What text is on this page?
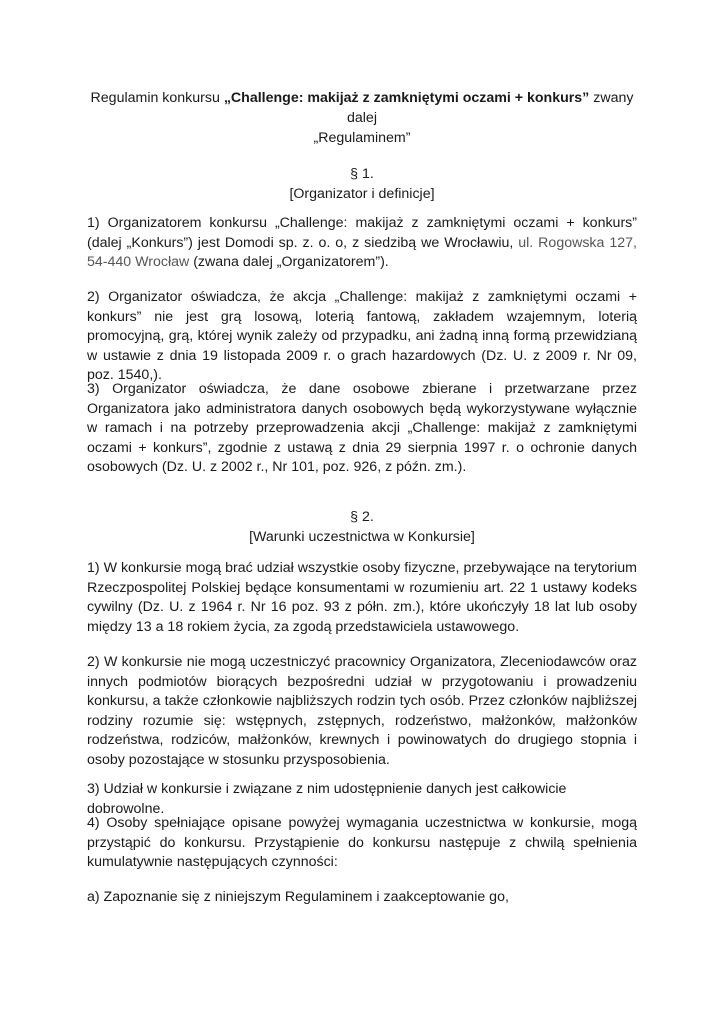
Regulamin konkursu „Challenge: makijaż z zamkniętymi oczami + konkurs” zwany dalej
„Regulaminem”
§ 1.
[Organizator i definicje]

1) Organizatorem konkursu „Challenge: makijaż z zamkniętymi oczami + konkurs” (dalej „Konkurs”) jest Domodi sp. z. o. o, z siedzibą we Wrocławiu, ul. Rogowska 127, 54-440 Wrocław (zwana dalej „Organizatorem”).

2) Organizator oświadcza, że akcja „Challenge: makijaż z zamkniętymi oczami + konkurs” nie jest grą losową, loterią fantową, zakładem wzajemnym, loterią promocyjną, grą, której wynik zależy od przypadku, ani żadną inną formą przewidzianą w ustawie z dnia 19 listopada 2009 r. o grach hazardowych (Dz. U. z 2009 r. Nr 09, poz. 1540,).

3) Organizator oświadcza, że dane osobowe zbierane i przetwarzane przez Organizatora jako administratora danych osobowych będą wykorzystywane wyłącznie w ramach i na potrzeby przeprowadzenia akcji „Challenge: makijaż z zamkniętymi oczami + konkurs”, zgodnie z ustawą z dnia 29 sierpnia 1997 r. o ochronie danych osobowych (Dz. U. z 2002 r., Nr 101, poz. 926, z późn. zm.).

§ 2.
[Warunki uczestnictwa w Konkursie]

1) W konkursie mogą brać udział wszystkie osoby fizyczne, przebywające na terytorium Rzeczpospolitej Polskiej będące konsumentami w rozumieniu art. 22 1 ustawy kodeks cywilny (Dz. U. z 1964 r. Nr 16 poz. 93 z półn. zm.), które ukończyły 18 lat lub osoby między 13 a 18 rokiem życia, za zgodą przedstawiciela ustawowego.

2) W konkursie nie mogą uczestniczyć pracownicy Organizatora, Zleceniodawców oraz innych podmiotów biorących bezpośredni udział w przygotowaniu i prowadzeniu konkursu, a także członkowie najbliższych rodzin tych osób. Przez członków najbliższej rodziny rozumie się: wstępnych, zstępnych, rodzeństwo, małżonków, małżonków rodzeństwa, rodziców, małżonków, krewnych i powinowatych do drugiego stopnia i osoby pozostające w stosunku przysposobienia.

3) Udział w konkursie i związane z nim udostępnienie danych jest całkowicie dobrowolne.

4) Osoby spełniające opisane powyżej wymagania uczestnictwa w konkursie, mogą przystąpić do konkursu. Przystąpienie do konkursu następuje z chwilą spełnienia kumulatywnie następujących czynności:

a) Zapoznanie się z niniejszym Regulaminem i zaakceptowanie go,
